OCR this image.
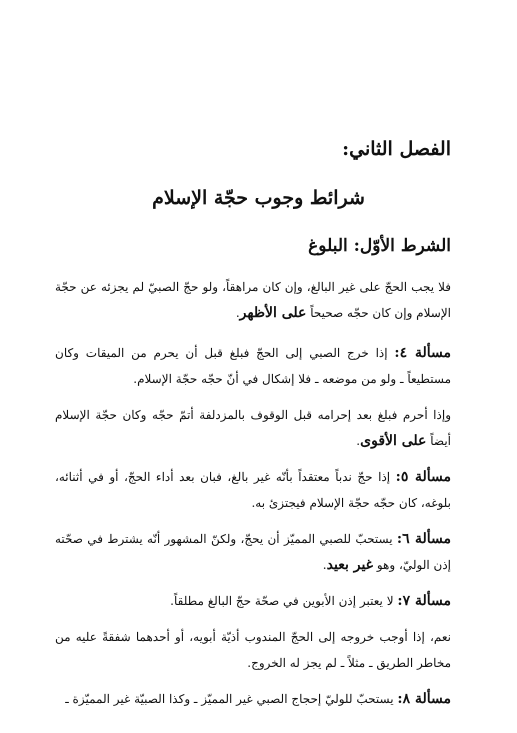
الفصل الثاني:
شرائط وجوب حجّة الإسلام
الشرط الأوّل: البلوغ
فلا يجب الحجّ على غير البالغ، وإن كان مراهقاً، ولو حجّ الصبيّ لم يجزئه عن حجّة الإسلام وإن كان حجّه صحيحاً على الأظهر.
مسألة ٤: إذا خرج الصبي إلى الحجّ فبلغ قبل أن يحرم من الميقات وكان مستطيعاً ـ ولو من موضعه ـ فلا إشكال في أنّ حجّه حجّة الإسلام.
وإذا أحرم فبلغ بعد إحرامه قبل الوقوف بالمزدلفة أتمّ حجّه وكان حجّة الإسلام أيضاً على الأقوى.
مسألة ٥: إذا حجّ ندباً معتقداً بأنّه غير بالغ، فبان بعد أداء الحجّ، أو في أثنائه، بلوغه، كان حجّه حجّة الإسلام فيجتزئ به.
مسألة ٦: يستحبّ للصبي المميّز أن يحجّ، ولكنّ المشهور أنّه يشترط في صحّته إذن الوليّ، وهو غير بعيد.
مسألة ٧: لا يعتبر إذن الأبوين في صحّة حجّ البالغ مطلقاً.
نعم، إذا أوجب خروجه إلى الحجّ المندوب أذيّة أبويه، أو أحدهما شفقةً عليه من مخاطر الطريق ـ مثلاً ـ لم يجز له الخروج.
مسألة ٨: يستحبّ للوليّ إحجاج الصبي غير المميّز ـ وكذا الصبيّة غير المميّزة ـ
